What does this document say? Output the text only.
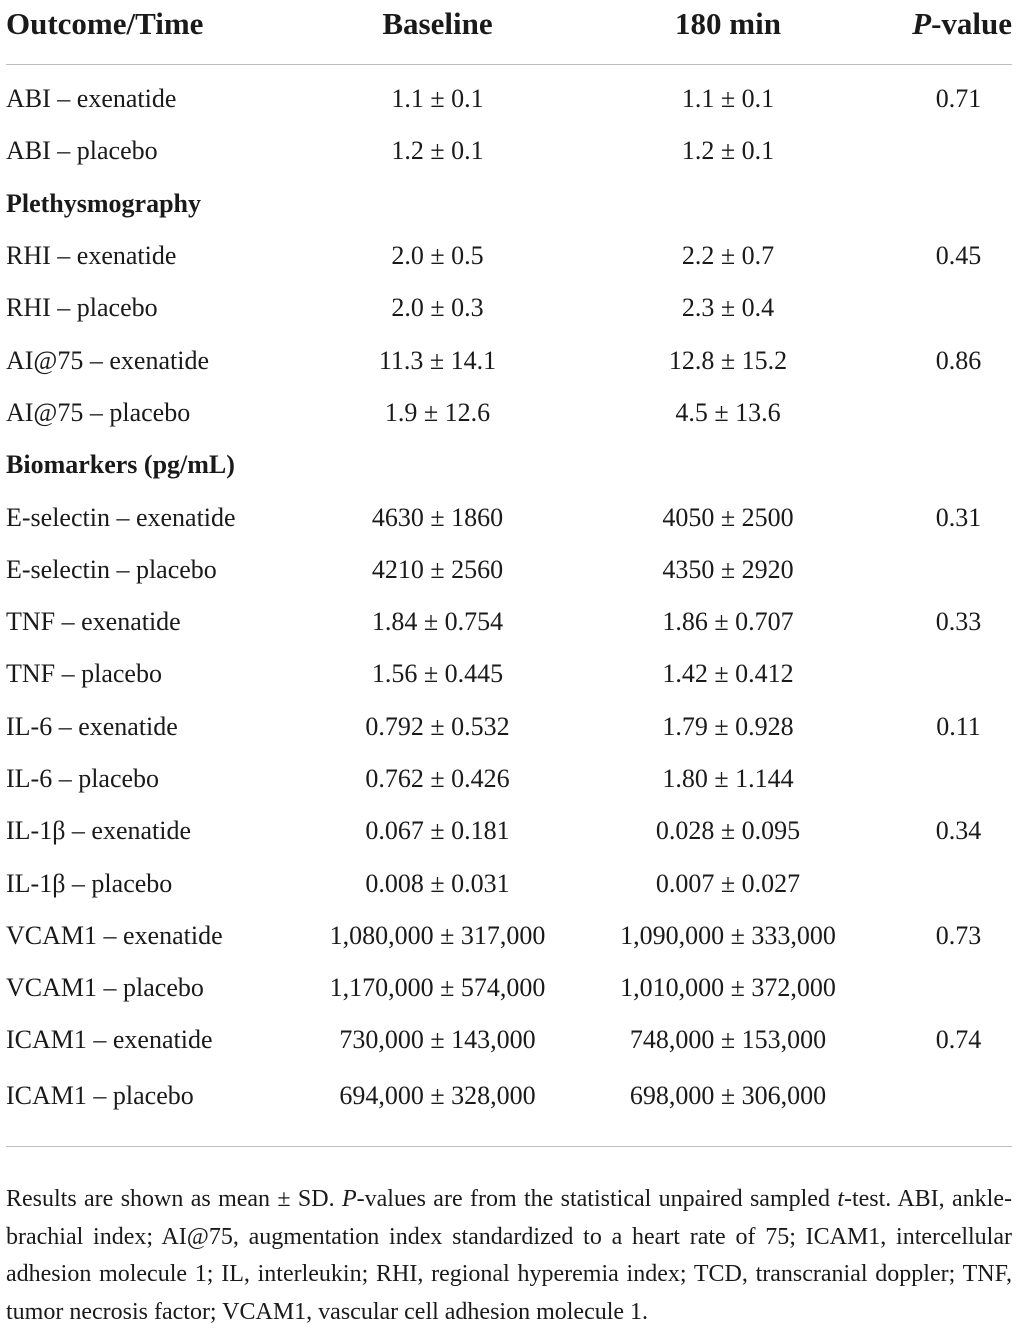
Outcome/Time	Baseline	180 min	P-value
ABI – exenatide	1.1 ± 0.1	1.1 ± 0.1	0.71
ABI – placebo	1.2 ± 0.1	1.2 ± 0.1	
Plethysmography			
RHI – exenatide	2.0 ± 0.5	2.2 ± 0.7	0.45
RHI – placebo	2.0 ± 0.3	2.3 ± 0.4	
AI@75 – exenatide	11.3 ± 14.1	12.8 ± 15.2	0.86
AI@75 – placebo	1.9 ± 12.6	4.5 ± 13.6	
Biomarkers (pg/mL)			
E-selectin – exenatide	4630 ± 1860	4050 ± 2500	0.31
E-selectin – placebo	4210 ± 2560	4350 ± 2920	
TNF – exenatide	1.84 ± 0.754	1.86 ± 0.707	0.33
TNF – placebo	1.56 ± 0.445	1.42 ± 0.412	
IL-6 – exenatide	0.792 ± 0.532	1.79 ± 0.928	0.11
IL-6 – placebo	0.762 ± 0.426	1.80 ± 1.144	
IL-1β – exenatide	0.067 ± 0.181	0.028 ± 0.095	0.34
IL-1β – placebo	0.008 ± 0.031	0.007 ± 0.027	
VCAM1 – exenatide	1,080,000 ± 317,000	1,090,000 ± 333,000	0.73
VCAM1 – placebo	1,170,000 ± 574,000	1,010,000 ± 372,000	
ICAM1 – exenatide	730,000 ± 143,000	748,000 ± 153,000	0.74
ICAM1 – placebo	694,000 ± 328,000	698,000 ± 306,000	

Results are shown as mean ± SD. P-values are from the statistical unpaired sampled t-test. ABI, ankle-brachial index; AI@75, augmentation index standardized to a heart rate of 75; ICAM1, intercellular adhesion molecule 1; IL, interleukin; RHI, regional hyperemia index; TCD, transcranial doppler; TNF, tumor necrosis factor; VCAM1, vascular cell adhesion molecule 1.
